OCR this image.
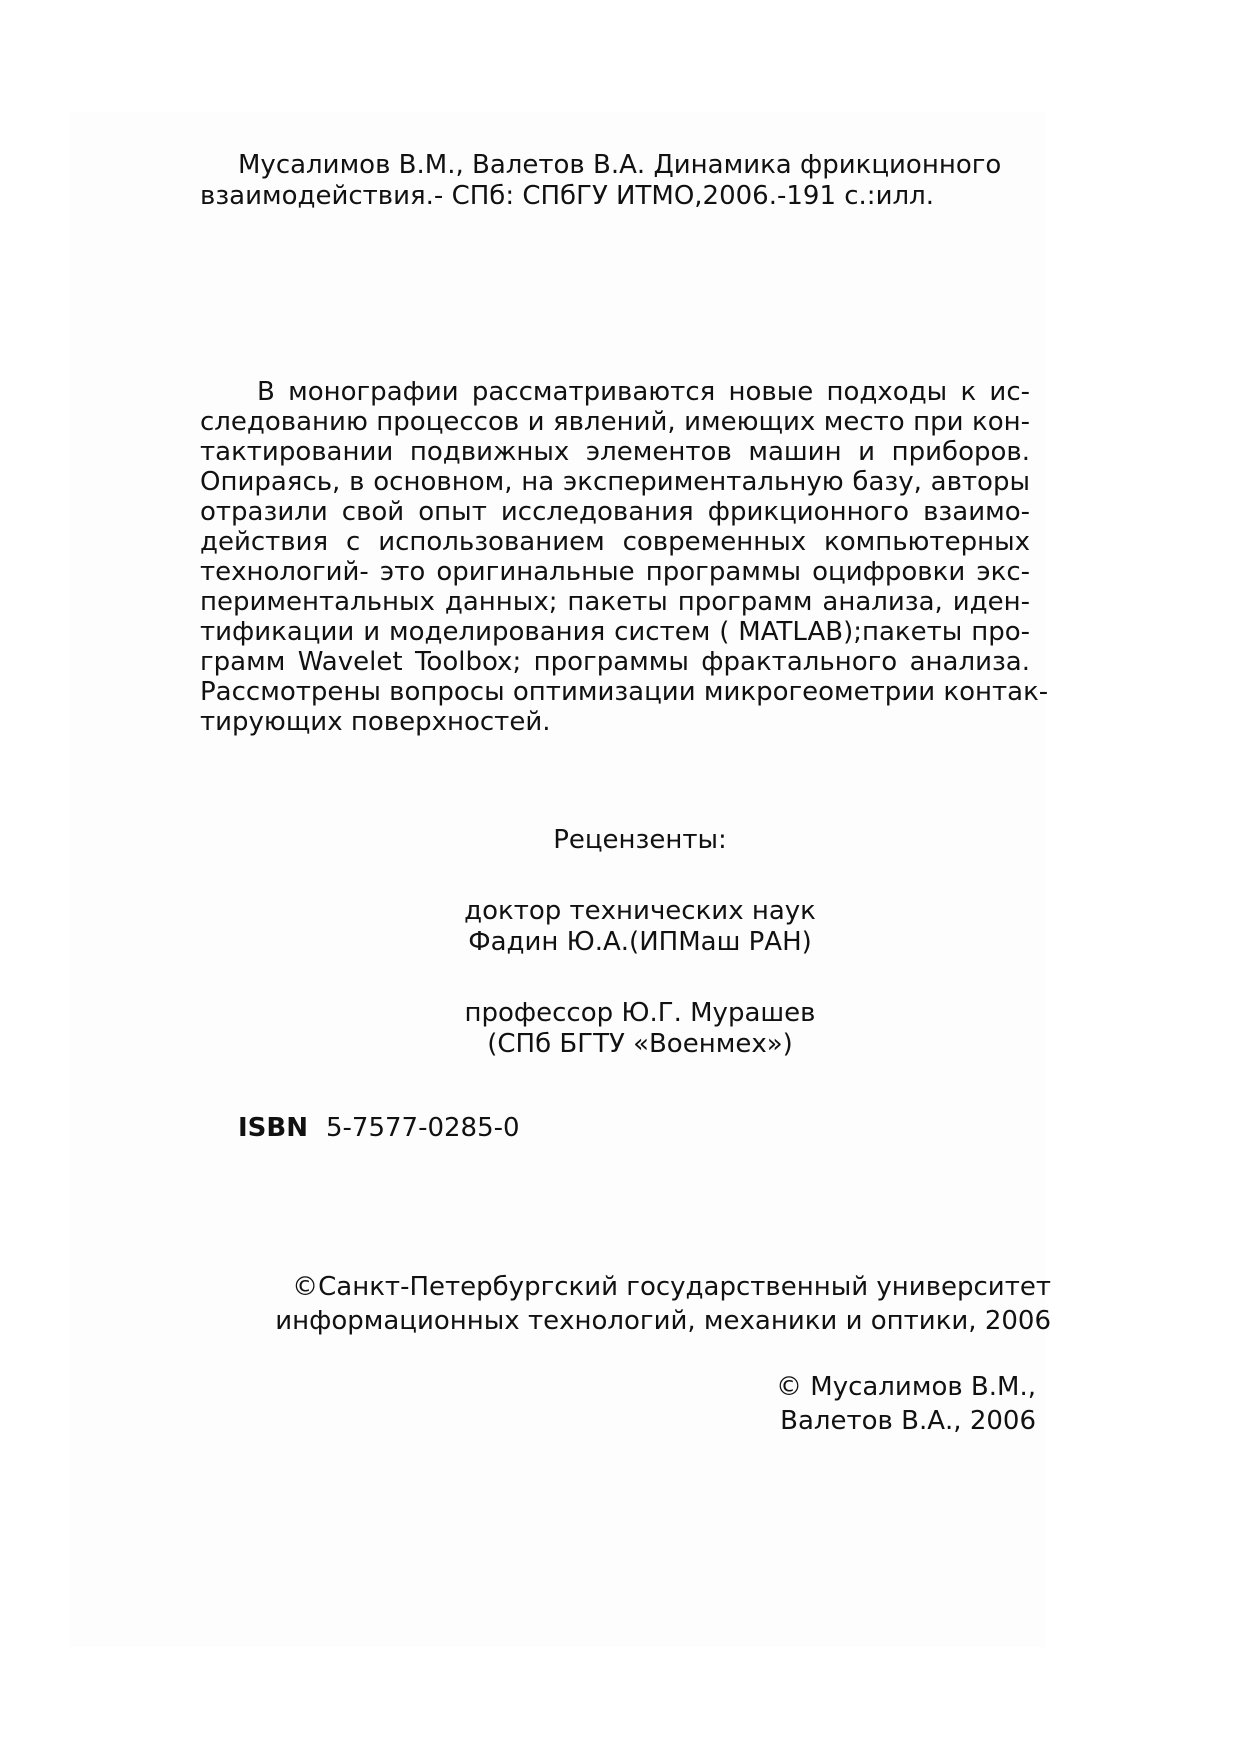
Мусалимов В.М., Валетов В.А. Динамика фрикционного
взаимодействия.- СПб: СПбГУ ИТМО,2006.-191 с.:илл.
В монографии рассматриваются новые подходы к ис-
следованию процессов и явлений, имеющих место при кон-
тактировании подвижных элементов машин и приборов.
Опираясь, в основном, на экспериментальную базу, авторы
отразили свой опыт исследования фрикционного взаимо-
действия с использованием современных компьютерных
технологий- это оригинальные программы оцифровки экс-
периментальных данных; пакеты программ анализа, иден-
тификации и моделирования систем ( MATLAB);пакеты про-
грамм Wavelet Toolbox; программы фрактального анализа.
Рассмотрены вопросы оптимизации микрогеометрии контак-
тирующих поверхностей.
Рецензенты:
доктор технических наук
Фадин Ю.А.(ИПМаш РАН)
профессор Ю.Г. Мурашев
(СПб БГТУ «Военмех»)
ISBN 5-7577-0285-0
©Санкт-Петербургский государственный университет
информационных технологий, механики и оптики, 2006
© Мусалимов В.М.,
Валетов В.А., 2006
